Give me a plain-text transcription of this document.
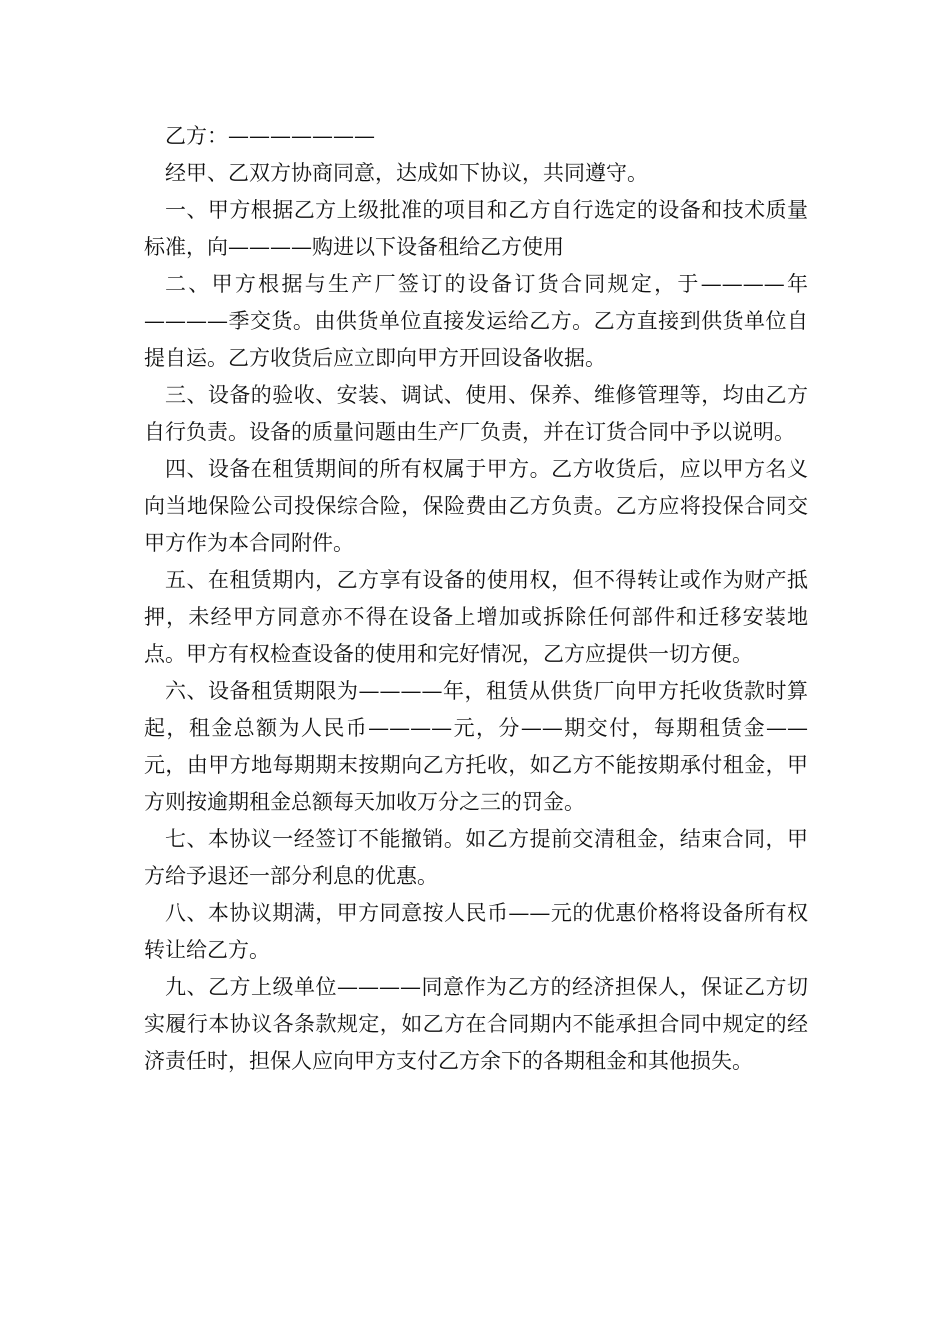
乙方：———————

经甲、乙双方协商同意，达成如下协议，共同遵守。

一、甲方根据乙方上级批准的项目和乙方自行选定的设备和技术质量标准，向————购进以下设备租给乙方使用

二、甲方根据与生产厂签订的设备订货合同规定，于————年————季交货。由供货单位直接发运给乙方。乙方直接到供货单位自提自运。乙方收货后应立即向甲方开回设备收据。

三、设备的验收、安装、调试、使用、保养、维修管理等，均由乙方自行负责。设备的质量问题由生产厂负责，并在订货合同中予以说明。

四、设备在租赁期间的所有权属于甲方。乙方收货后，应以甲方名义向当地保险公司投保综合险，保险费由乙方负责。乙方应将投保合同交甲方作为本合同附件。

五、在租赁期内，乙方享有设备的使用权，但不得转让或作为财产抵押，未经甲方同意亦不得在设备上增加或拆除任何部件和迁移安装地点。甲方有权检查设备的使用和完好情况，乙方应提供一切方便。

六、设备租赁期限为————年，租赁从供货厂向甲方托收货款时算起，租金总额为人民币————元，分——期交付，每期租赁金——元，由甲方地每期期末按期向乙方托收，如乙方不能按期承付租金，甲方则按逾期租金总额每天加收万分之三的罚金。

七、本协议一经签订不能撤销。如乙方提前交清租金，结束合同，甲方给予退还一部分利息的优惠。

八、本协议期满，甲方同意按人民币——元的优惠价格将设备所有权转让给乙方。

九、乙方上级单位————同意作为乙方的经济担保人，保证乙方切实履行本协议各条款规定，如乙方在合同期内不能承担合同中规定的经济责任时，担保人应向甲方支付乙方余下的各期租金和其他损失。
